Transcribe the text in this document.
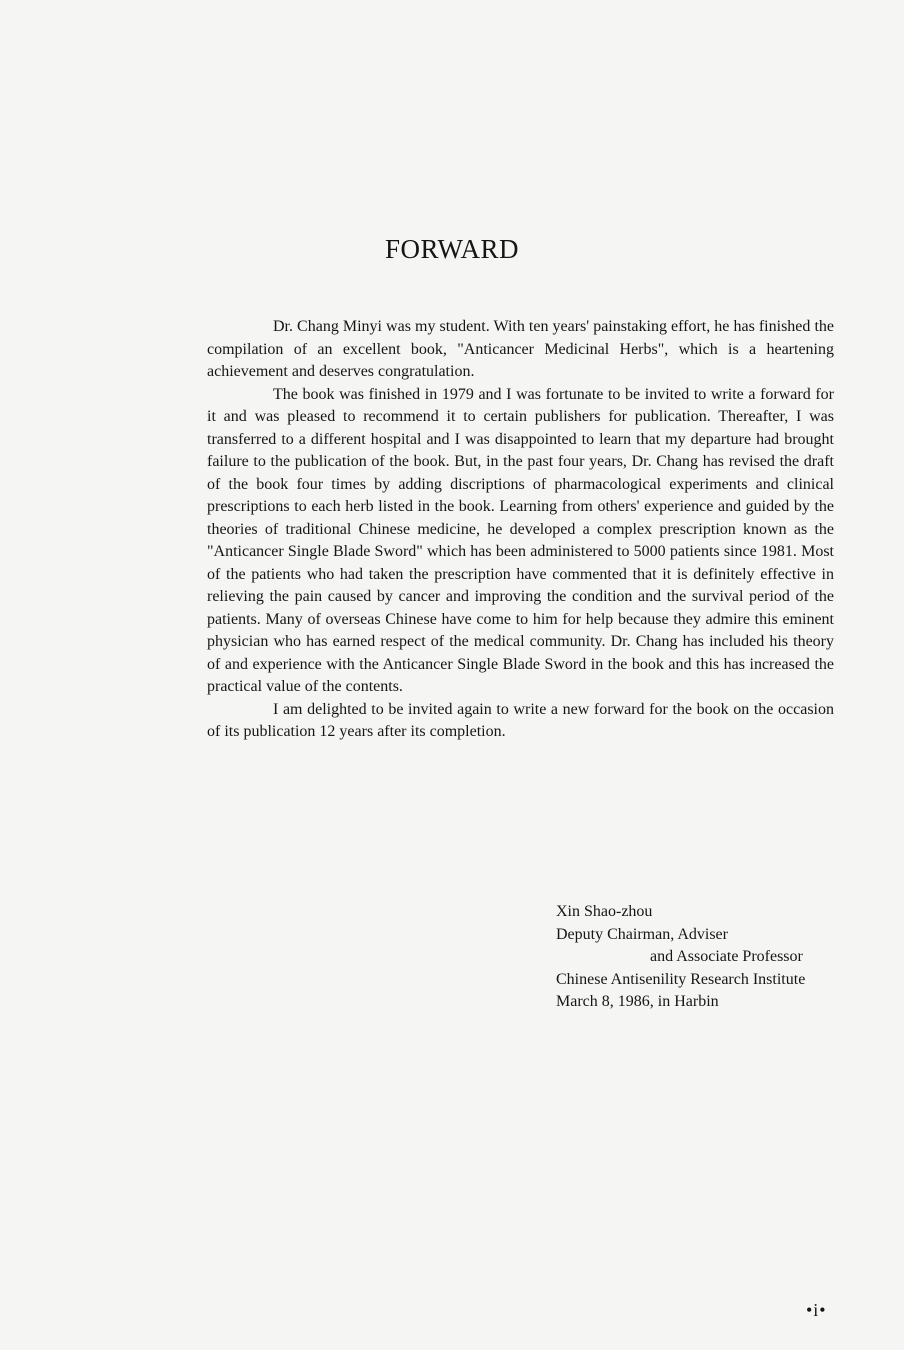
FORWARD

Dr. Chang Minyi was my student. With ten years' painstaking effort, he has finished the compilation of an excellent book, "Anticancer Medicinal Herbs", which is a heartening achievement and deserves congratulation.

The book was finished in 1979 and I was fortunate to be invited to write a forward for it and was pleased to recommend it to certain publishers for publication. Thereafter, I was transferred to a different hospital and I was disappointed to learn that my departure had brought failure to the publication of the book. But, in the past four years, Dr. Chang has revised the draft of the book four times by adding discriptions of pharmacological experiments and clinical prescriptions to each herb listed in the book. Learning from others' experience and guided by the theories of traditional Chinese medicine, he developed a complex prescription known as the "Anticancer Single Blade Sword" which has been administered to 5000 patients since 1981. Most of the patients who had taken the prescription have commented that it is definitely effective in relieving the pain caused by cancer and improving the condition and the survival period of the patients. Many of overseas Chinese have come to him for help because they admire this eminent physician who has earned respect of the medical community. Dr. Chang has included his theory of and experience with the Anticancer Single Blade Sword in the book and this has increased the practical value of the contents.

I am delighted to be invited again to write a new forward for the book on the occasion of its publication 12 years after its completion.

Xin Shao-zhou
Deputy Chairman, Adviser
and Associate Professor
Chinese Antisenility Research Institute
March 8, 1986, in Harbin
•i•
